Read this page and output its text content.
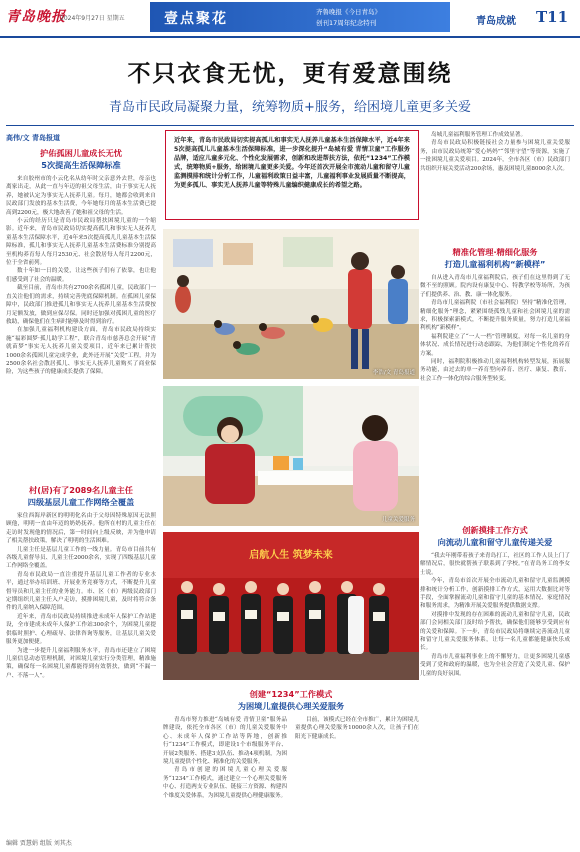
青岛晚报
2024年9月27日 星期五	壹点聚花	齐鲁晚报《今日青岛》
创刊17周年纪念特刊	青岛成就 T11
不只衣食无忧，更有爱意围绕
青岛市民政局凝聚力量，统筹物质+服务，给困境儿童更多关爱
高伟/文 青岛报道
护佑孤困儿童成长无忧
5次提高生活保障标准

来自胶州市的小云化名从幼年时父亲意外去世，母亲也离家出走，从此一直与年迈的祖父母生活，由于事实无人抚养，她被认定为事实无人抚养儿童。每月，她都会收到来自民政部门发放的基本生活费，今年她每月的基本生活费已提高到2200元，极大地改善了她和祖父母的生活。

小云的经历只是青岛市民政局帮扶困境儿童的一个缩影。近年来，青岛市民政局切实提高孤儿和事实无人抚养儿童基本生活保障水平，近4年来5次提高孤儿儿童基本生活保障标准，孤儿和事实无人抚养儿童基本生活费标准分别提高至机构养育每人每月2530元、社会散居每人每月2200元，位于全省前列。

数十年如一日的关爱，让这些孩子们有了依靠，也让他们感受到了社会的温暖。

截至目前，青岛市共有2700余名孤困儿童，民政部门一直关注他们的需求，持续完善兜底保障机制。在孤困儿童保障中，民政部门推进孤儿和事实无人抚养儿童基本生活费按月足额发放，做到应保尽保。同时还加强对孤困儿童的医疗救助，确保他们在生病时能够及时得到治疗。

在加强儿童福利机构建设方面，青岛市民政局持续实施“福彩圆梦·孤儿助学工程”，联合青岛市慈善总会开展“青就苗梦”事实无人抚养儿童关爱项目，近年来已累计帮扶1000余名孤困儿童完成学业，此外还开展“关爱”工程，并为2500余名社会散居孤儿、事实无人抚养儿童购买了商业保险，为这些孩子的健康成长提供了保障。

村(居)有了2089名儿童主任
四级基层儿童工作网络全覆盖

家住西海岸新区的明明化名由于父母因特殊原因无法照顾他，明明一直由年迈的奶奶抚养。他所在村的儿童主任在走访时发现他的情况后，第一时间向上级反映，并为他申请了相关帮扶政策，解决了明明的生活困难。

儿童主任是基层儿童工作的一线力量。青岛市目前共有各级儿童督导员、儿童主任2000余名，实现了四级基层儿童工作网络全覆盖。

青岛市民政局一直注重提升基层儿童工作者的专业水平，通过举办培训班、开展业务竞赛等方式，不断提升儿童督导员和儿童主任的业务能力。市、区（市）两级民政部门定期组织儿童主任入户走访，摸排困境儿童，及时将符合条件的儿童纳入保障范围。

近年来，青岛市民政局持续推进未成年人保护工作站建设，全市建成未成年人保护工作站300余个，为困境儿童提供临时照护、心理疏导、法律咨询等服务，让基层儿童关爱服务更加便捷。

为进一步提升儿童福利服务水平，青岛市还建立了困境儿童信息动态管理机制，对困境儿童实行分类管理，精准施策，确保每一名困境儿童都能得到有效帮扶，做到“不漏一户、不落一人”。

近年来，青岛市民政局切实提高孤儿和事实无人抚养儿童基本生活保障水平，近4年来5次提高孤儿儿童基本生活保障标准，进一步深化提升“岛城有爱 青情卫童”工作服务品牌，适应儿童多元化、个性化发展需求，创新和改进帮扶方法，依托“1234”工作模式，统筹物质+服务，给困境儿童更多关爱。今年还首次开展全市流动儿童和留守儿童监测摸排和统计分析工作，儿童福利政策日益丰富，儿童福利事业发展质量不断提高，为更多孤儿、事实无人抚养儿童等特殊儿童编织健康成长的希望之路。
李浩/文 青岛报道
儿童关爱服务
启航人生 筑梦未来
创建“1234”工作模式
为困境儿童提供心理关爱服务

青岛市努力推进“岛城有爱 青情卫童”服务品牌建设，依托全市各区（市）的儿童关爱服务中心、未成年人保护工作站等阵地，创新推行“1234”工作模式，即建设1个市级服务平台、开展2类服务、搭建3支队伍、推动4项机制，为困境儿童提供个性化、精准化的关爱服务。

青岛市创建的困境儿童心理关爱服务“1234”工作模式，通过建立一个心理关爱服务中心、打造两支专业队伍、链接三方资源、构建四个维度关爱体系，为困境儿童提供心理健康服务。

目前，该模式已经在全市推广，累计为困境儿童提供心理关爱服务10000余人次，让孩子们在阳光下健康成长。

岛城儿童福利服务管理工作成效显著。

青岛市民政局积极链接社会力量参与困境儿童关爱服务，由市民政局统筹“爱心妈妈”“邻里守望”等资源，实施了一批困境儿童关爱项目。2024年，全市各区（市）民政部门共组织开展关爱活动200余场，惠及困境儿童8000余人次。

精准化管理·精细化服务
打造儿童福利机构“新模样”

自从进入青岛市儿童福利院后，孩子们在这里得到了无微不至的照顾。院内设有康复中心、特教学校等场所，为孩子们提供养、治、教、康一体化服务。

青岛市儿童福利院（市社会福利院）坚持“精准化管理，精细化服务”理念，紧紧围绕孤残儿童和社会困境儿童的需求，积极探索新模式，不断提升服务质量，努力打造儿童福利机构“新模样”。

福利院建立了“一人一档”管理制度，对每一名儿童的身体状况、成长情况进行动态跟踪，为他们制定个性化的养育方案。

同时，福利院积极推动儿童福利机构转型发展，拓展服务功能，由过去的单一养育型向养育、医疗、康复、教育、社会工作一体化的综合服务型转变。

创新摸排工作方式
向流动儿童和留守儿童传递关爱

“我去年刚带着孩子来青岛打工，社区的工作人员上门了解情况后，很快就帮孩子联系到了学校。”在青岛务工的李女士说。

今年，青岛市首次开展全市流动儿童和留守儿童监测摸排和统计分析工作，创新摸排工作方式，运用大数据比对等手段，全面掌握流动儿童和留守儿童的基本情况、家庭情况和服务需求，为精准开展关爱服务提供数据支撑。

对摸排中发现的存在困难的流动儿童和留守儿童，民政部门会同相关部门及时给予帮扶，确保他们能够享受到应有的关爱和保障。下一步，青岛市民政局将继续完善流动儿童和留守儿童关爱服务体系，让每一名儿童都能健康快乐成长。

青岛市儿童福利事业上的不懈努力，让更多困境儿童感受到了党和政府的温暖，也为全社会营造了关爱儿童、保护儿童的良好氛围。

编辑 贾慧娟 组版 刘其杰
